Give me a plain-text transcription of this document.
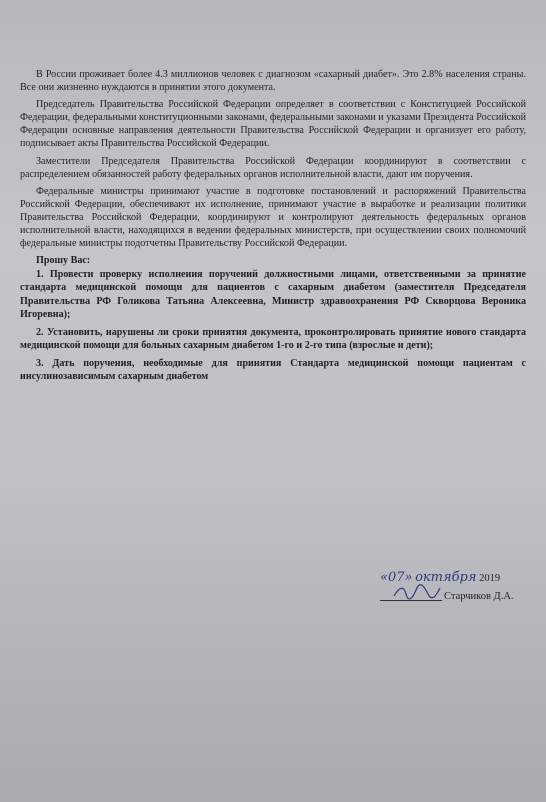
В России проживает более 4.3 миллионов человек с диагнозом «сахарный диабет». Это 2.8% населения страны. Все они жизненно нуждаются в принятии этого документа.

Председатель Правительства Российской Федерации определяет в соответствии с Конституцией Российской Федерации, федеральными конституционными законами, федеральными законами и указами Президента Российской Федерации основные направления деятельности Правительства Российской Федерации и организует его работу, подписывает акты Правительства Российской Федерации.

Заместители Председателя Правительства Российской Федерации координируют в соответствии с распределением обязанностей работу федеральных органов исполнительной власти, дают им поручения.

Федеральные министры принимают участие в подготовке постановлений и распоряжений Правительства Российской Федерации, обеспечивают их исполнение, принимают участие в выработке и реализации политики Правительства Российской Федерации, координируют и контролируют деятельность федеральных органов исполнительной власти, находящихся в ведении федеральных министерств, при осуществлении своих полномочий федеральные министры подотчетны Правительству Российской Федерации.

Прошу Вас:

1. Провести проверку исполнения поручений должностными лицами, ответственными за принятие стандарта медицинской помощи для пациентов с сахарным диабетом (заместителя Председателя Правительства РФ Голикова Татьяна Алексеевна, Министр здравоохранения РФ Скворцова Вероника Игоревна);

2. Установить, нарушены ли сроки принятия документа, проконтролировать принятие нового стандарта медицинской помощи для больных сахарным диабетом 1-го и 2-го типа (взрослые и дети);

3. Дать поручения, необходимые для принятия Стандарта медицинской помощи пациентам с инсулинозависимым сахарным диабетом

«07» октября 2019
Старчиков Д.А.
